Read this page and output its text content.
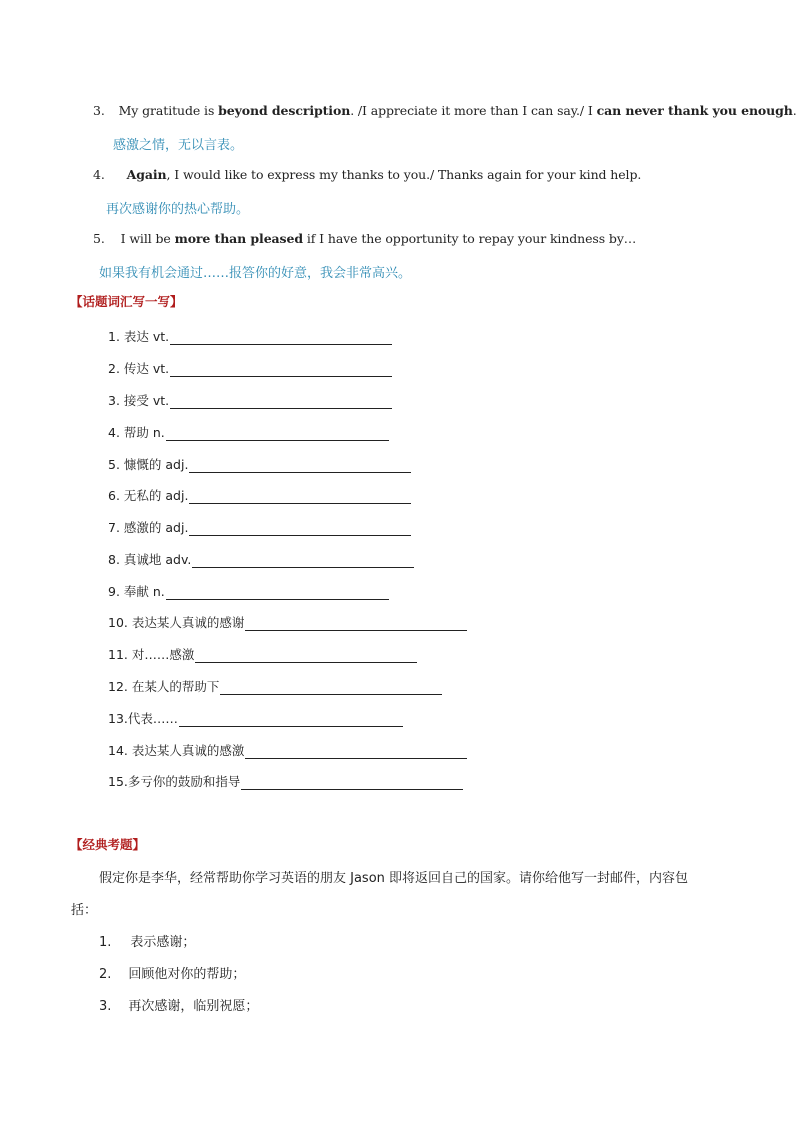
3. My gratitude is beyond description. /I appreciate it more than I can say./ I can never thank you enough.
感激之情，无以言表。
4. Again, I would like to express my thanks to you./ Thanks again for your kind help.
再次感谢你的热心帮助。
5. I will be more than pleased if I have the opportunity to repay your kindness by…
如果我有机会通过……报答你的好意，我会非常高兴。
【话题词汇写一写】
1. 表达 vt.
2. 传达 vt.
3. 接受 vt.
4. 帮助 n.
5. 慷慨的 adj.
6. 无私的 adj.
7. 感激的 adj.
8. 真诚地 adv.
9. 奉献 n.
10. 表达某人真诚的感谢
11. 对……感激
12. 在某人的帮助下
13.代表……
14. 表达某人真诚的感激
15.多亏你的鼓励和指导
【经典考题】
假定你是李华，经常帮助你学习英语的朋友 Jason 即将返回自己的国家。请你给他写一封邮件，内容包
括：
1. 表示感谢；
2. 回顾他对你的帮助；
3. 再次感谢，临别祝愿；
